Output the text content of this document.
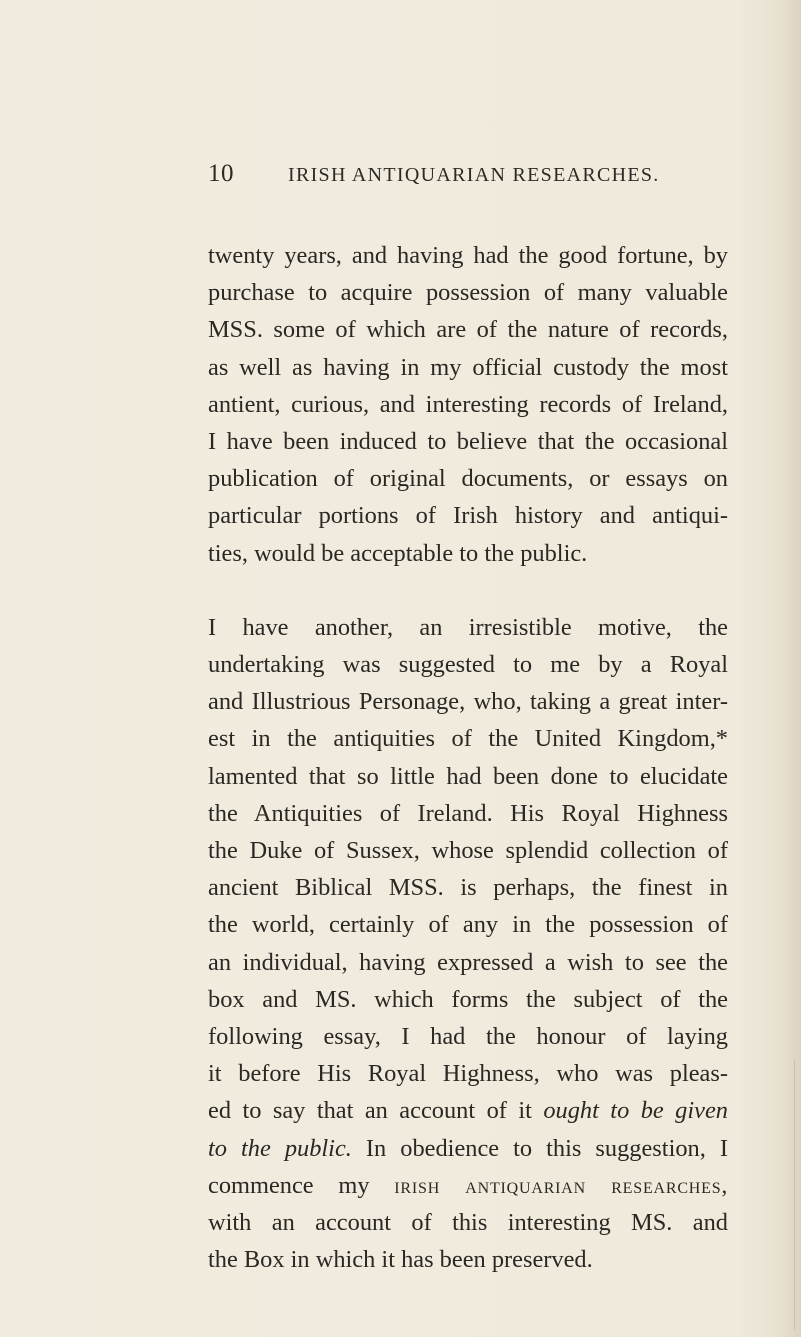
10	IRISH ANTIQUARIAN RESEARCHES.
twenty years, and having had the good fortune, by
purchase to acquire possession of many valuable
MSS. some of which are of the nature of records,
as well as having in my official custody the most
antient, curious, and interesting records of Ireland,
I have been induced to believe that the occasional
publication of original documents, or essays on
particular portions of Irish history and antiqui-
ties, would be acceptable to the public.
I have another, an irresistible motive, the
undertaking was suggested to me by a Royal
and Illustrious Personage, who, taking a great inter-
est in the antiquities of the United Kingdom,*
lamented that so little had been done to elucidate
the Antiquities of Ireland. His Royal Highness
the Duke of Sussex, whose splendid collection of
ancient Biblical MSS. is perhaps, the finest in
the world, certainly of any in the possession of
an individual, having expressed a wish to see the
box and MS. which forms the subject of the
following essay, I had the honour of laying
it before His Royal Highness, who was pleas-
ed to say that an account of it ought to be given
to the public. In obedience to this suggestion, I
commence my irish antiquarian researches,
with an account of this interesting MS. and
the Box in which it has been preserved.
